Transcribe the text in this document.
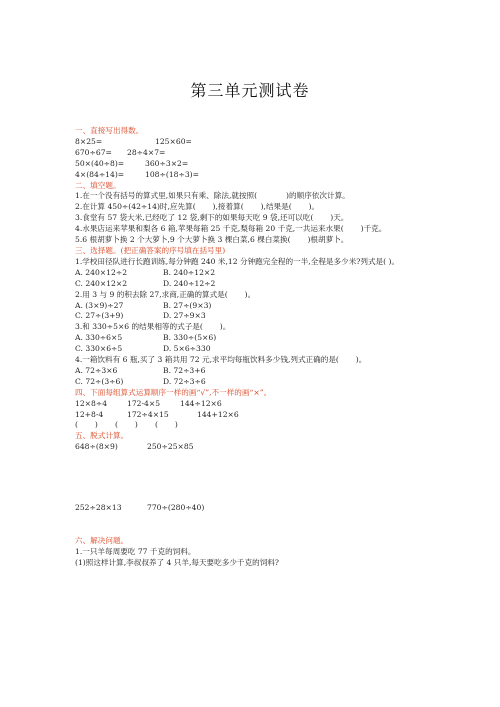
第三单元测试卷
一、直接写出得数。
8×25=	125×60=
670÷67=	28÷4×7=
50×(40÷8)=	360÷3×2=
4×(84÷14)=	108÷(18÷3)=
二、填空题。
1.在一个没有括号的算式里,如果只有乘、除法,就按照(            )的顺序依次计算。
2.在计算 450÷(42÷14)时,应先算(       ),接着算(       ),结果是(       )。
3.食堂有 57 袋大米,已经吃了 12 袋,剩下的如果每天吃 9 袋,还可以吃(       )天。
4.水果店运来苹果和梨各 6 箱,苹果每箱 25 千克,梨每箱 20 千克,一共运来水果(       )千克。
5.6 根胡萝卜换 2 个大萝卜,9 个大萝卜换 3 棵白菜,6 棵白菜换(       )根胡萝卜。
三、选择题。(把正确答案的序号填在括号里)
1.学校田径队进行长跑训练,每分钟跑 240 米,12 分钟跑完全程的一半,全程是多少米?列式是( )。
A. 240×12÷2	B. 240÷12×2
C. 240×12×2	D. 240÷12÷2
2.用 3 与 9 的积去除 27,求商,正确的算式是(       )。
A. (3×9)÷27	B. 27÷(9×3)
C. 27÷(3+9)	D. 27÷9×3
3.和 330÷5×6 的结果相等的式子是(       )。
A. 330÷6×5	B. 330÷(5×6)
C. 330×6÷5	D. 5×6÷330
4.一箱饮料有 6 瓶,买了 3 箱共用 72 元,求平均每瓶饮料多少钱,列式正确的是(       )。
A. 72÷3×6	B. 72÷3+6
C. 72÷(3÷6)	D. 72÷3÷6
四、下面每组算式运算顺序一样的画“√”,不一样的画“×”。
12×8÷4	172-4×5	144÷12×6
12+8-4	172÷4×15	144+12×6
(       )	(       )	(       )
五、脱式计算。
648÷(8×9)	250÷25×85
252÷28×13	770÷(280÷40)
六、解决问题。
1.一只羊每周要吃 77 千克的饲料。
(1)照这样计算,李叔叔养了 4 只羊,每天要吃多少千克的饲料?
